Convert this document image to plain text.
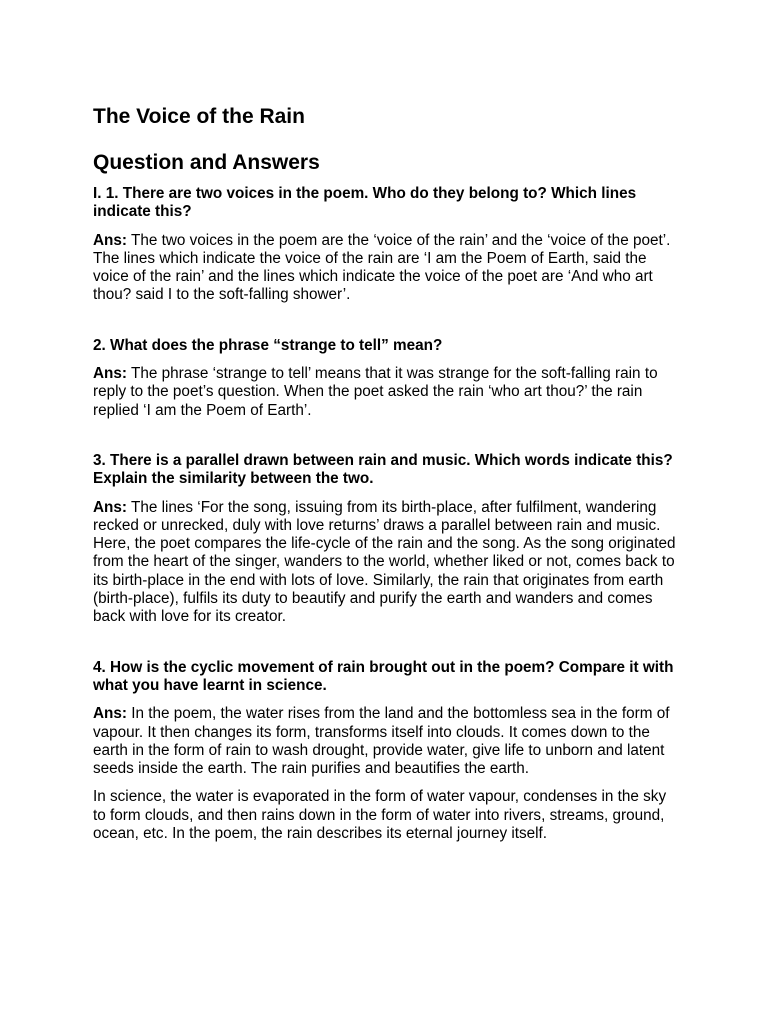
The Voice of the Rain
Question and Answers
I. 1. There are two voices in the poem. Who do they belong to? Which lines indicate this?
Ans: The two voices in the poem are the ‘voice of the rain’ and the ‘voice of the poet’. The lines which indicate the voice of the rain are ‘I am the Poem of Earth, said the voice of the rain’ and the lines which indicate the voice of the poet are ‘And who art thou? said I to the soft-falling shower’.
2. What does the phrase “strange to tell” mean?
Ans: The phrase ‘strange to tell’ means that it was strange for the soft-falling rain to reply to the poet’s question. When the poet asked the rain ‘who art thou?’ the rain replied ‘I am the Poem of Earth’.
3. There is a parallel drawn between rain and music. Which words indicate this? Explain the similarity between the two.
Ans: The lines ‘For the song, issuing from its birth-place, after fulfilment, wandering recked or unrecked, duly with love returns’ draws a parallel between rain and music. Here, the poet compares the life-cycle of the rain and the song. As the song originated from the heart of the singer, wanders to the world, whether liked or not, comes back to its birth-place in the end with lots of love. Similarly, the rain that originates from earth (birth-place), fulfils its duty to beautify and purify the earth and wanders and comes back with love for its creator.
4. How is the cyclic movement of rain brought out in the poem? Compare it with what you have learnt in science.
Ans: In the poem, the water rises from the land and the bottomless sea in the form of vapour. It then changes its form, transforms itself into clouds. It comes down to the earth in the form of rain to wash drought, provide water, give life to unborn and latent seeds inside the earth. The rain purifies and beautifies the earth.
In science, the water is evaporated in the form of water vapour, condenses in the sky to form clouds, and then rains down in the form of water into rivers, streams, ground, ocean, etc. In the poem, the rain describes its eternal journey itself.
